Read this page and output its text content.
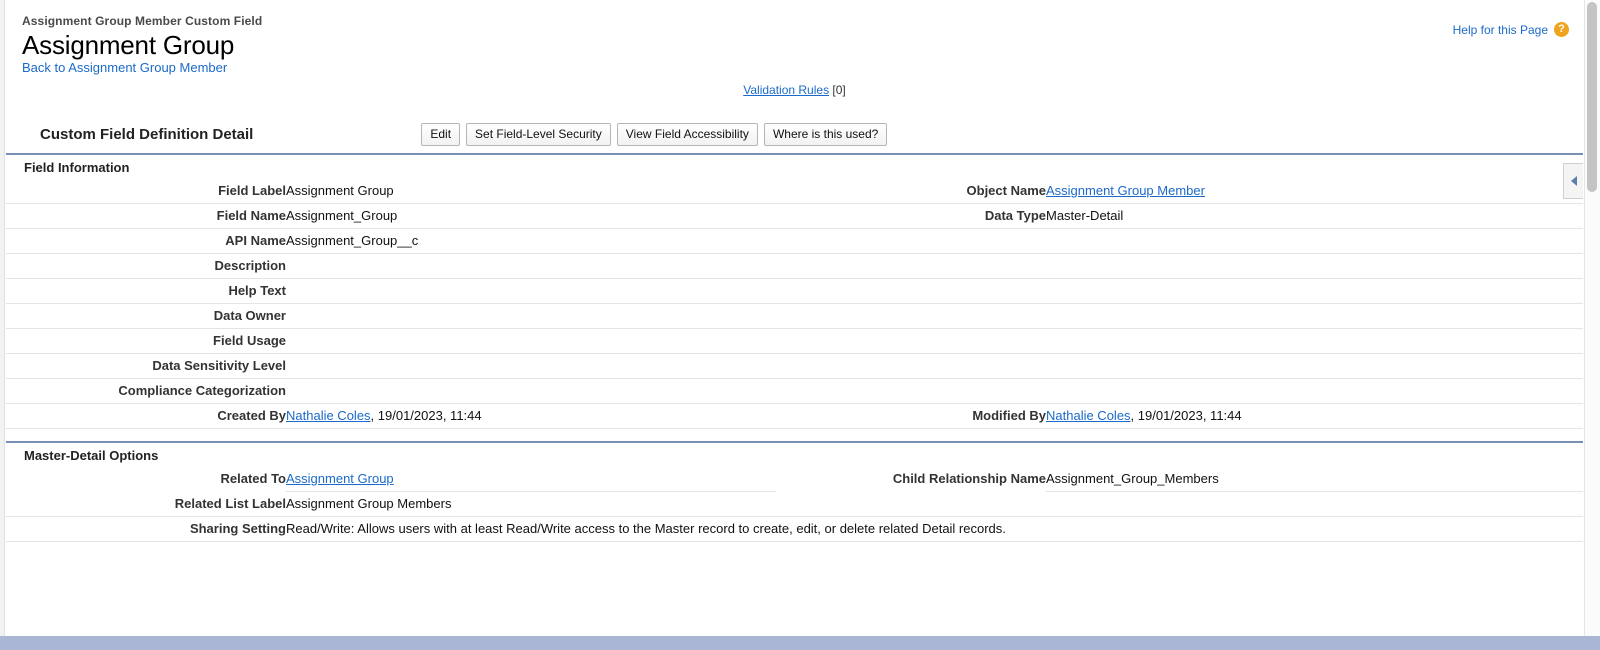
Assignment Group Member Custom Field
Assignment Group
Back to Assignment Group Member
Help for this Page ?
Validation Rules [0]
Custom Field Definition Detail	Edit	Set Field-Level Security	View Field Accessibility	Where is this used?
Field Information
Field Label	Assignment Group	Object Name	Assignment Group Member
Field Name	Assignment_Group	Data Type	Master-Detail
API Name	Assignment_Group__c		
Description			
Help Text			
Data Owner			
Field Usage			
Data Sensitivity Level			
Compliance Categorization			
Created By	Nathalie Coles, 19/01/2023, 11:44	Modified By	Nathalie Coles, 19/01/2023, 11:44
Master-Detail Options
Related To	Assignment Group	Child Relationship Name	Assignment_Group_Members
Related List Label	Assignment Group Members		
Sharing Setting	Read/Write: Allows users with at least Read/Write access to the Master record to create, edit, or delete related Detail records.		
